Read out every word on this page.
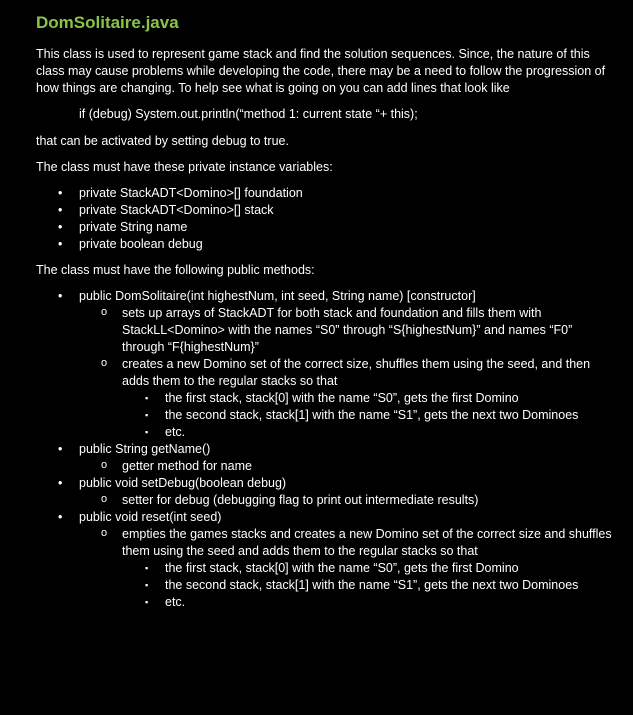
DomSolitaire.java

This class is used to represent game stack and find the solution sequences. Since, the nature of this class may cause problems while developing the code, there may be a need to follow the progression of how things are changing. To help see what is going on you can add lines that look like

if (debug) System.out.println(“method 1: current state “+ this);

that can be activated by setting debug to true.

The class must have these private instance variables:

• private StackADT<Domino>[] foundation
• private StackADT<Domino>[] stack
• private String name
• private boolean debug

The class must have the following public methods:

• public DomSolitaire(int highestNum, int seed, String name) [constructor]
o sets up arrays of StackADT for both stack and foundation and fills them with StackLL<Domino> with the names “S0” through “S{highestNum}” and names “F0” through “F{highestNum}”
o creates a new Domino set of the correct size, shuffles them using the seed, and then adds them to the regular stacks so that
▪ the first stack, stack[0] with the name “S0”, gets the first Domino
▪ the second stack, stack[1] with the name “S1”, gets the next two Dominoes
▪ etc.
• public String getName()
o getter method for name
• public void setDebug(boolean debug)
o setter for debug (debugging flag to print out intermediate results)
• public void reset(int seed)
o empties the games stacks and creates a new Domino set of the correct size and shuffles them using the seed and adds them to the regular stacks so that
▪ the first stack, stack[0] with the name “S0”, gets the first Domino
▪ the second stack, stack[1] with the name “S1”, gets the next two Dominoes
▪ etc.
